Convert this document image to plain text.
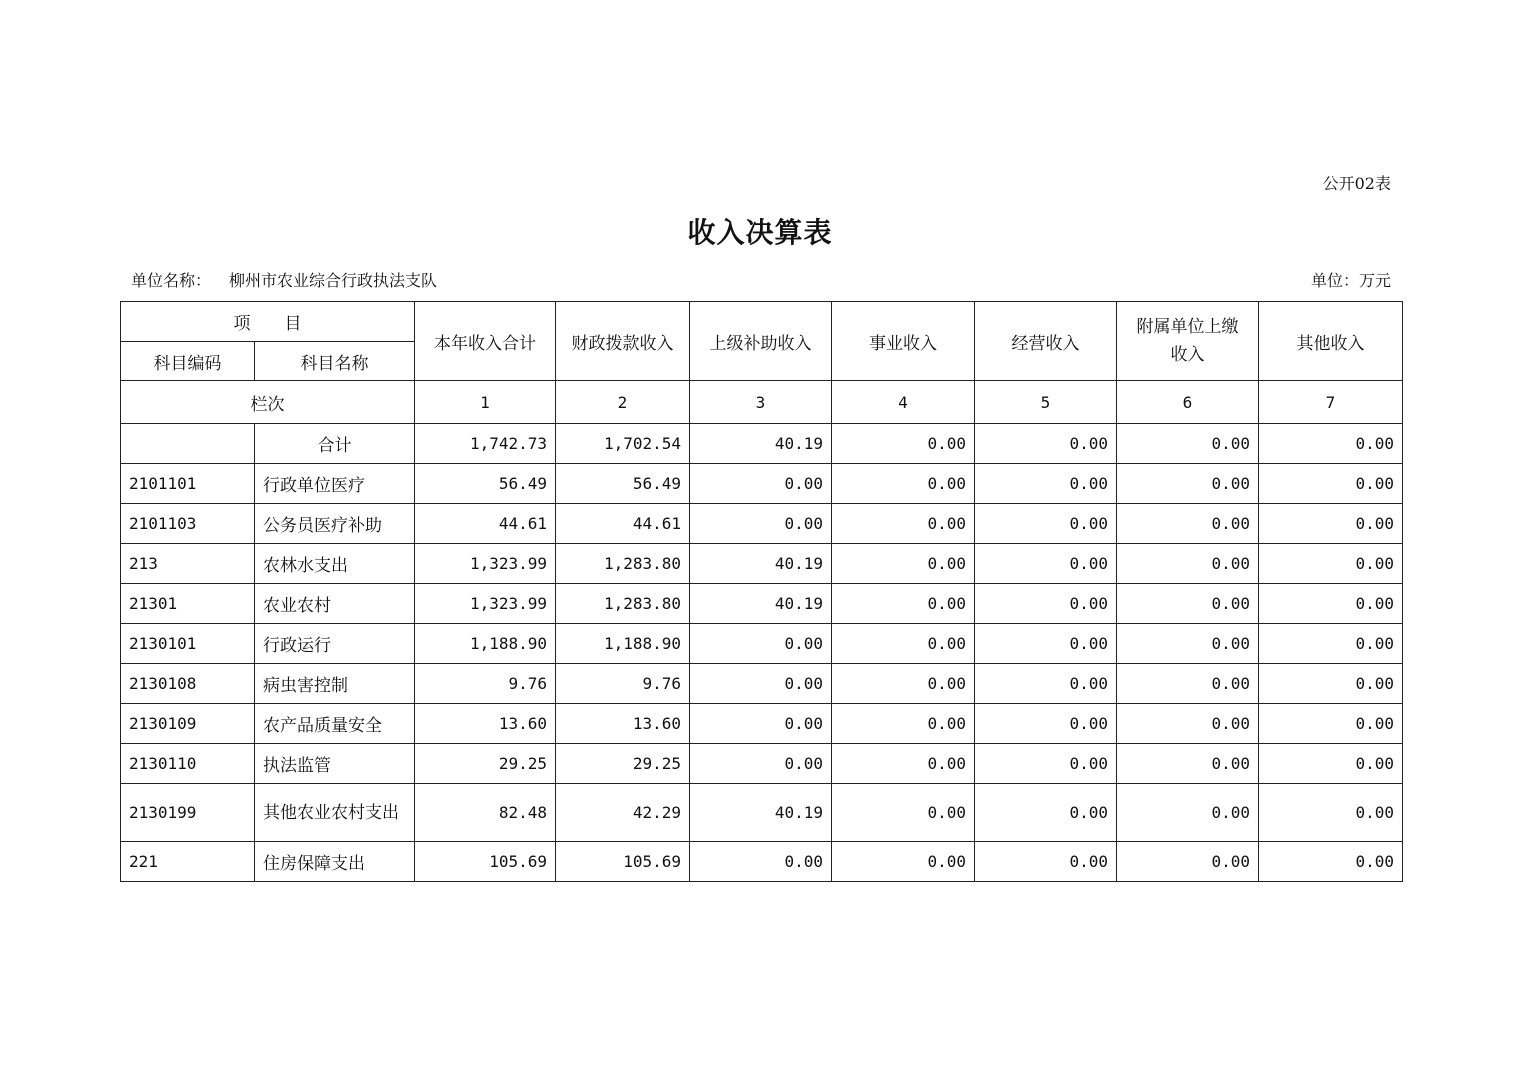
公开02表
收入决算表
单位名称： 柳州市农业综合行政执法支队	单位：万元
项　　目		本年收入合计	财政拨款收入	上级补助收入	事业收入	经营收入	附属单位上缴收入	其他收入
科目编码	科目名称							
栏次		1	2	3	4	5	6	7
	合计	1,742.73	1,702.54	40.19	0.00	0.00	0.00	0.00
2101101	行政单位医疗	56.49	56.49	0.00	0.00	0.00	0.00	0.00
2101103	公务员医疗补助	44.61	44.61	0.00	0.00	0.00	0.00	0.00
213	农林水支出	1,323.99	1,283.80	40.19	0.00	0.00	0.00	0.00
21301	农业农村	1,323.99	1,283.80	40.19	0.00	0.00	0.00	0.00
2130101	行政运行	1,188.90	1,188.90	0.00	0.00	0.00	0.00	0.00
2130108	病虫害控制	9.76	9.76	0.00	0.00	0.00	0.00	0.00
2130109	农产品质量安全	13.60	13.60	0.00	0.00	0.00	0.00	0.00
2130110	执法监管	29.25	29.25	0.00	0.00	0.00	0.00	0.00
2130199	其他农业农村支出	82.48	42.29	40.19	0.00	0.00	0.00	0.00
221	住房保障支出	105.69	105.69	0.00	0.00	0.00	0.00	0.00
